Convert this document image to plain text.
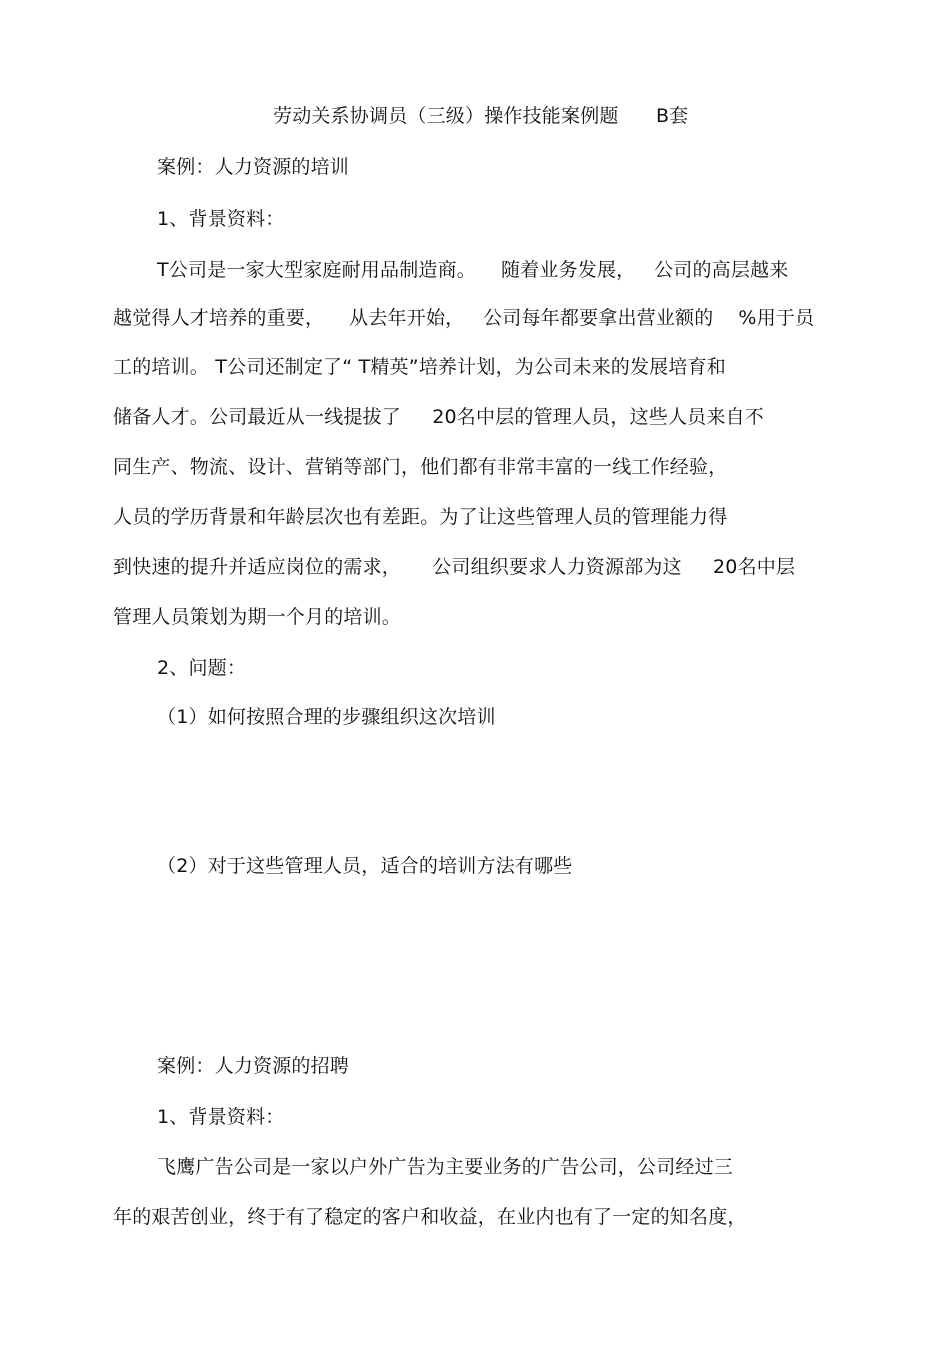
劳动关系协调员（三级）操作技能案例题      B套
案例：人力资源的培训
1、背景资料：
T公司是一家大型家庭耐用品制造商。    随着业务发展，   公司的高层越来
越觉得人才培养的重要，    从去年开始，   公司每年都要拿出营业额的    %用于员
工的培训。 T公司还制定了“ T精英”培养计划，为公司未来的发展培育和
储备人才。公司最近从一线提拔了     20名中层的管理人员，这些人员来自不
同生产、物流、设计、营销等部门，他们都有非常丰富的一线工作经验，
人员的学历背景和年龄层次也有差距。为了让这些管理人员的管理能力得
到快速的提升并适应岗位的需求，     公司组织要求人力资源部为这     20名中层
管理人员策划为期一个月的培训。
2、问题：
（1）如何按照合理的步骤组织这次培训
（2）对于这些管理人员，适合的培训方法有哪些
案例：人力资源的招聘
1、背景资料：
飞鹰广告公司是一家以户外广告为主要业务的广告公司，公司经过三
年的艰苦创业，终于有了稳定的客户和收益，在业内也有了一定的知名度，
